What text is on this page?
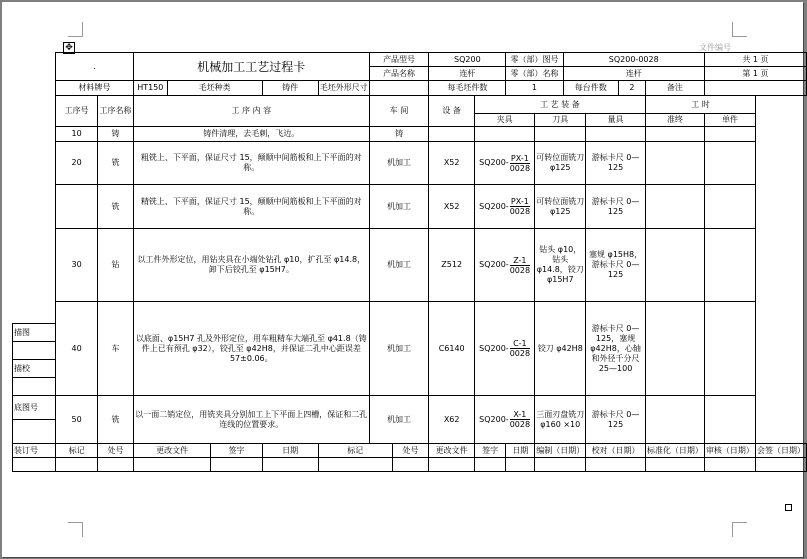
文件编号
✥
	.		机械加工工艺过程卡					产品型号		SQ200		零（部）图号		SQ200-0028				共 1 页	
								产品名称		连杆		零（部）名称		连杆				第 1 页	
	材料牌号		HT150	毛坯种类		铸件	毛坯外形尺寸			每毛坯件数		1		每台件数		2	备注		
	工序号	工序名称	工 序 内 容					车 间		设 备	工 艺 装 备						工 时		
											夹具		刀具		量具		准终	单件	
	10	铸	铸件清理，去毛刺，飞边。					铸											
	20	铣	粗铣上、下平面，保证尺寸 15，颠顺中间筋板和上下平面的对称。					机加工		X52	$SQ200- \frac{PX-1}{0028}$		可转位面铣刀 φ125		游标卡尺 0—125				
		铣	精铣上、下平面，保证尺寸 15，颠顺中间筋板和上下平面的对称。					机加工		X52	$SQ200- \frac{PX-1}{0028}$		可转位面铣刀 φ125		游标卡尺 0—125				
	30	钻	以工件外形定位，用钻夹具在小端处钻孔 φ10，扩孔至 φ14.8，卸下后铰孔至 φ15H7。					机加工		Z512	$SQ200- \frac{Z-1}{0028}$		钻头 φ10，钻头 φ14.8，铰刀 φ15H7		塞规 φ15H8，游标卡尺 0—125				
	40	车	以底面、φ15H7 孔及外形定位，用车粗精车大端孔至 φ41.8（铸件上已有预孔 φ32），铰孔至 φ42H8，并保证二孔中心距误差 57±0.06。					机加工		C6140	$SQ200- \frac{C-1}{0028}$		铰刀 φ42H8		游标卡尺 0—125，塞规 φ42H8，心轴和外径千分尺 25—100				
描图																			

描校																			

底图号	50	铣	以一面二销定位，用铣夹具分别加工上下平面上四槽，保证和二孔连线的位置要求。					机加工		X62	$SQ200- \frac{X-1}{0028}$		三面刃盘铣刀 φ160 ×10		游标卡尺 0—125				

装订号	标记	处号	更改文件		签字	日期	标记		处号	更改文件	签字	日期	编制（日期）		校对（日期）		标准化（日期）	审核（日期）	会签（日期）
